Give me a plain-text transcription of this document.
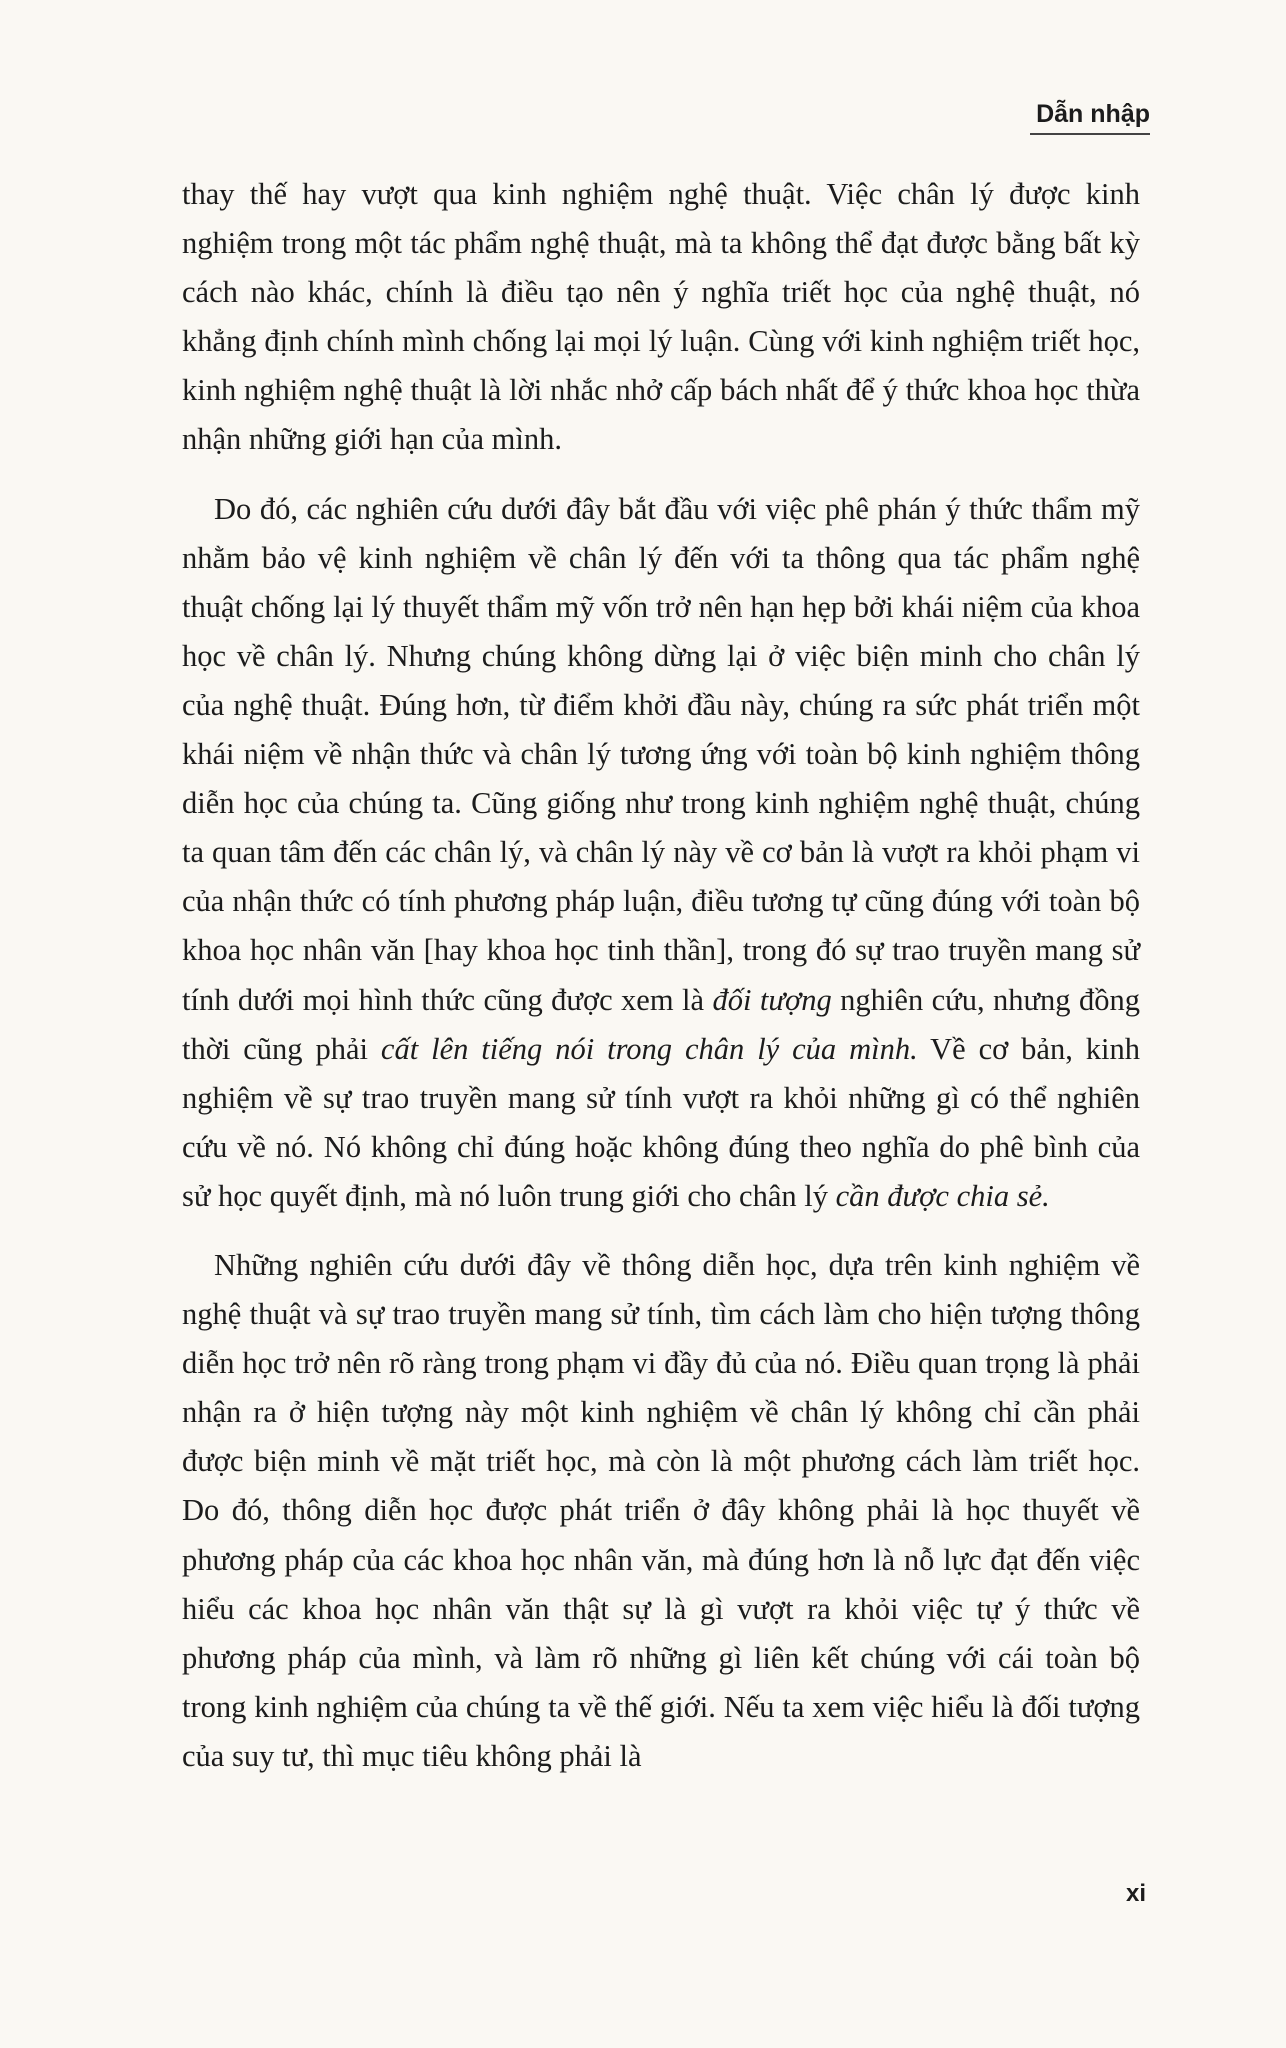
Dẫn nhập

thay thế hay vượt qua kinh nghiệm nghệ thuật. Việc chân lý được kinh nghiệm trong một tác phẩm nghệ thuật, mà ta không thể đạt được bằng bất kỳ cách nào khác, chính là điều tạo nên ý nghĩa triết học của nghệ thuật, nó khẳng định chính mình chống lại mọi lý luận. Cùng với kinh nghiệm triết học, kinh nghiệm nghệ thuật là lời nhắc nhở cấp bách nhất để ý thức khoa học thừa nhận những giới hạn của mình.

Do đó, các nghiên cứu dưới đây bắt đầu với việc phê phán ý thức thẩm mỹ nhằm bảo vệ kinh nghiệm về chân lý đến với ta thông qua tác phẩm nghệ thuật chống lại lý thuyết thẩm mỹ vốn trở nên hạn hẹp bởi khái niệm của khoa học về chân lý. Nhưng chúng không dừng lại ở việc biện minh cho chân lý của nghệ thuật. Đúng hơn, từ điểm khởi đầu này, chúng ra sức phát triển một khái niệm về nhận thức và chân lý tương ứng với toàn bộ kinh nghiệm thông diễn học của chúng ta. Cũng giống như trong kinh nghiệm nghệ thuật, chúng ta quan tâm đến các chân lý, và chân lý này về cơ bản là vượt ra khỏi phạm vi của nhận thức có tính phương pháp luận, điều tương tự cũng đúng với toàn bộ khoa học nhân văn [hay khoa học tinh thần], trong đó sự trao truyền mang sử tính dưới mọi hình thức cũng được xem là đối tượng nghiên cứu, nhưng đồng thời cũng phải cất lên tiếng nói trong chân lý của mình. Về cơ bản, kinh nghiệm về sự trao truyền mang sử tính vượt ra khỏi những gì có thể nghiên cứu về nó. Nó không chỉ đúng hoặc không đúng theo nghĩa do phê bình của sử học quyết định, mà nó luôn trung giới cho chân lý cần được chia sẻ.

Những nghiên cứu dưới đây về thông diễn học, dựa trên kinh nghiệm về nghệ thuật và sự trao truyền mang sử tính, tìm cách làm cho hiện tượng thông diễn học trở nên rõ ràng trong phạm vi đầy đủ của nó. Điều quan trọng là phải nhận ra ở hiện tượng này một kinh nghiệm về chân lý không chỉ cần phải được biện minh về mặt triết học, mà còn là một phương cách làm triết học. Do đó, thông diễn học được phát triển ở đây không phải là học thuyết về phương pháp của các khoa học nhân văn, mà đúng hơn là nỗ lực đạt đến việc hiểu các khoa học nhân văn thật sự là gì vượt ra khỏi việc tự ý thức về phương pháp của mình, và làm rõ những gì liên kết chúng với cái toàn bộ trong kinh nghiệm của chúng ta về thế giới. Nếu ta xem việc hiểu là đối tượng của suy tư, thì mục tiêu không phải là

xi
